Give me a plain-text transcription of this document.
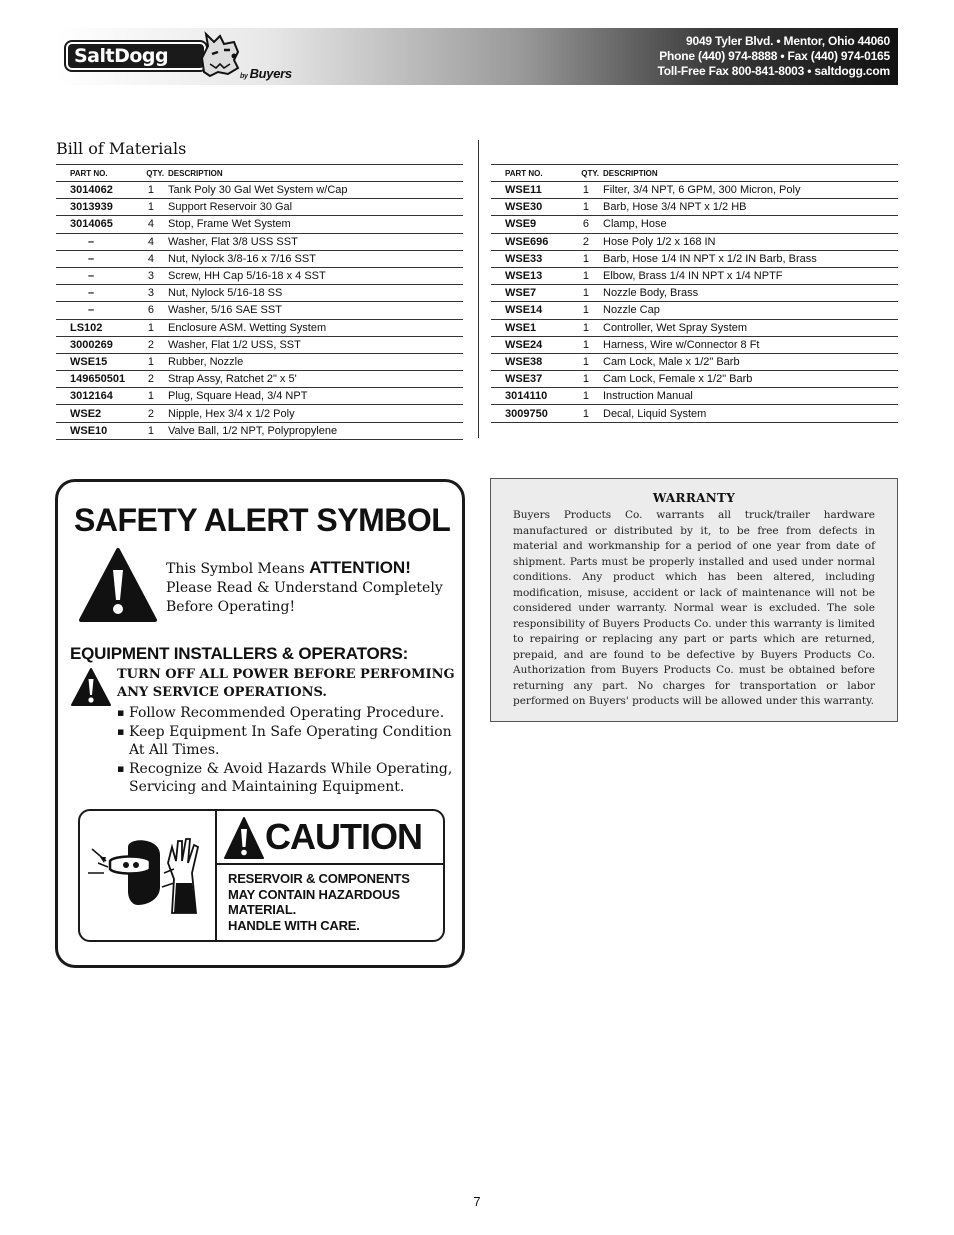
SaltDogg
by Buyers
9049 Tyler Blvd. • Mentor, Ohio 44060
Phone (440) 974-8888 • Fax (440) 974-0165
Toll-Free Fax 800-841-8003 • saltdogg.com
Bill of Materials
PART NO.	QTY.	DESCRIPTION
3014062	1	Tank Poly 30 Gal Wet System w/Cap
3013939	1	Support Reservoir 30 Gal
3014065	4	Stop, Frame Wet System
–	4	Washer, Flat 3/8 USS SST
–	4	Nut, Nylock 3/8-16 x 7/16 SST
–	3	Screw, HH Cap 5/16-18 x 4 SST
–	3	Nut, Nylock 5/16-18 SS
–	6	Washer, 5/16 SAE SST
LS102	1	Enclosure ASM. Wetting System
3000269	2	Washer, Flat 1/2 USS, SST
WSE15	1	Rubber, Nozzle
149650501	2	Strap Assy, Ratchet 2" x 5'
3012164	1	Plug, Square Head, 3/4 NPT
WSE2	2	Nipple, Hex 3/4 x 1/2 Poly
WSE10	1	Valve Ball, 1/2 NPT, Polypropylene
PART NO.	QTY.	DESCRIPTION
WSE11	1	Filter, 3/4 NPT, 6 GPM, 300 Micron, Poly
WSE30	1	Barb, Hose 3/4 NPT x 1/2 HB
WSE9	6	Clamp, Hose
WSE696	2	Hose Poly 1/2 x 168 IN
WSE33	1	Barb, Hose 1/4 IN NPT x 1/2 IN Barb, Brass
WSE13	1	Elbow, Brass 1/4 IN NPT x 1/4 NPTF
WSE7	1	Nozzle Body, Brass
WSE14	1	Nozzle Cap
WSE1	1	Controller, Wet Spray System
WSE24	1	Harness, Wire w/Connector 8 Ft
WSE38	1	Cam Lock, Male x 1/2" Barb
WSE37	1	Cam Lock, Female x 1/2" Barb
3014110	1	Instruction Manual
3009750	1	Decal, Liquid System
SAFETY ALERT SYMBOL
This Symbol Means ATTENTION!
Please Read & Understand Completely Before Operating!
EQUIPMENT INSTALLERS & OPERATORS:
TURN OFF ALL POWER BEFORE PERFOMING ANY SERVICE OPERATIONS.
▪ Follow Recommended Operating Procedure.
▪ Keep Equipment In Safe Operating Condition At All Times.
▪ Recognize & Avoid Hazards While Operating, Servicing and Maintaining Equipment.
CAUTION
RESERVOIR & COMPONENTS
MAY CONTAIN HAZARDOUS
MATERIAL.
HANDLE WITH CARE.
WARRANTY
Buyers Products Co. warrants all truck/trailer hardware manufactured or distributed by it, to be free from defects in material and workmanship for a period of one year from date of shipment. Parts must be properly installed and used under normal conditions. Any product which has been altered, including modification, misuse, accident or lack of maintenance will not be considered under warranty. Normal wear is excluded. The sole responsibility of Buyers Products Co. under this warranty is limited to repairing or replacing any part or parts which are returned, prepaid, and are found to be defective by Buyers Products Co. Authorization from Buyers Products Co. must be obtained before returning any part. No charges for transportation or labor performed on Buyers' products will be allowed under this warranty.
7
